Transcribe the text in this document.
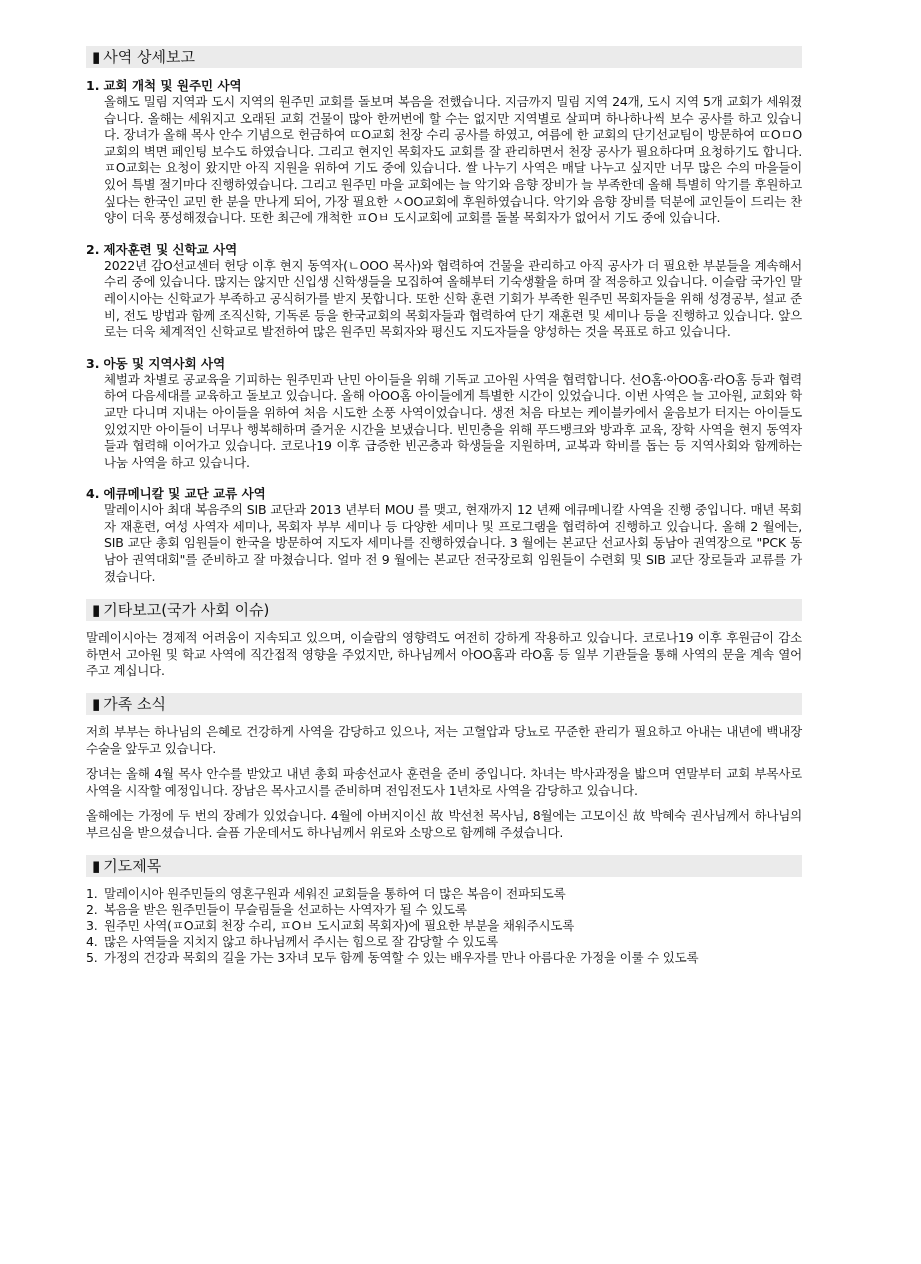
▮ 사역 상세보고

1. 교회 개척 및 원주민 사역

올해도 밀림 지역과 도시 지역의 원주민 교회를 돌보며 복음을 전했습니다. 지금까지 밀림 지역 24개, 도시 지역 5개 교회가 세워졌습니다. 올해는 세워지고 오래된 교회 건물이 많아 한꺼번에 할 수는 없지만 지역별로 살피며 하나하나씩 보수 공사를 하고 있습니다. 장녀가 올해 목사 안수 기념으로 헌금하여 ㄸO교회 천장 수리 공사를 하였고, 여름에 한 교회의 단기선교팀이 방문하여 ㄸOㅁO교회의 벽면 페인팅 보수도 하였습니다. 그리고 현지인 목회자도 교회를 잘 관리하면서 천장 공사가 필요하다며 요청하기도 합니다. ㅍO교회는 요청이 왔지만 아직 지원을 위하여 기도 중에 있습니다. 쌀 나누기 사역은 매달 나누고 싶지만 너무 많은 수의 마을들이 있어 특별 절기마다 진행하였습니다. 그리고 원주민 마을 교회에는 늘 악기와 음향 장비가 늘 부족한데 올해 특별히 악기를 후원하고 싶다는 한국인 교민 한 분을 만나게 되어, 가장 필요한 ㅅOO교회에 후원하였습니다. 악기와 음향 장비를 덕분에 교인들이 드리는 찬양이 더욱 풍성해졌습니다. 또한 최근에 개척한 ㅍOㅂ 도시교회에 교회를 돌볼 목회자가 없어서 기도 중에 있습니다.

2. 제자훈련 및 신학교 사역

2022년 감O선교센터 헌당 이후 현지 동역자(ㄴOOO 목사)와 협력하여 건물을 관리하고 아직 공사가 더 필요한 부분들을 계속해서 수리 중에 있습니다. 많지는 않지만 신입생 신학생들을 모집하여 올해부터 기숙생활을 하며 잘 적응하고 있습니다. 이슬람 국가인 말레이시아는 신학교가 부족하고 공식허가를 받지 못합니다. 또한 신학 훈련 기회가 부족한 원주민 목회자들을 위해 성경공부, 설교 준비, 전도 방법과 함께 조직신학, 기독론 등을 한국교회의 목회자들과 협력하여 단기 재훈련 및 세미나 등을 진행하고 있습니다. 앞으로는 더욱 체계적인 신학교로 발전하여 많은 원주민 목회자와 평신도 지도자들을 양성하는 것을 목표로 하고 있습니다.

3. 아동 및 지역사회 사역

체벌과 차별로 공교육을 기피하는 원주민과 난민 아이들을 위해 기독교 고아원 사역을 협력합니다. 선O홈·아OO홈·라O홈 등과 협력하여 다음세대를 교육하고 돌보고 있습니다. 올해 아OO홈 아이들에게 특별한 시간이 있었습니다. 이번 사역은 늘 고아원, 교회와 학교만 다니며 지내는 아이들을 위하여 처음 시도한 소풍 사역이었습니다. 생전 처음 타보는 케이블카에서 울음보가 터지는 아이들도 있었지만 아이들이 너무나 행복해하며 즐거운 시간을 보냈습니다. 빈민층을 위해 푸드뱅크와 방과후 교육, 장학 사역을 현지 동역자들과 협력해 이어가고 있습니다. 코로나19 이후 급증한 빈곤층과 학생들을 지원하며, 교복과 학비를 돕는 등 지역사회와 함께하는 나눔 사역을 하고 있습니다.

4. 에큐메니칼 및 교단 교류 사역

말레이시아 최대 복음주의 SIB 교단과 2013 년부터 MOU 를 맺고, 현재까지 12 년째 에큐메니칼 사역을 진행 중입니다. 매년 목회자 재훈련, 여성 사역자 세미나, 목회자 부부 세미나 등 다양한 세미나 및 프로그램을 협력하여 진행하고 있습니다. 올해 2 월에는, SIB 교단 총회 임원들이 한국을 방문하여 지도자 세미나를 진행하였습니다. 3 월에는 본교단 선교사회 동남아 권역장으로 "PCK 동남아 권역대회"를 준비하고 잘 마쳤습니다. 얼마 전 9 월에는 본교단 전국장로회 임원들이 수련회 및 SIB 교단 장로들과 교류를 가졌습니다.

▮ 기타보고(국가 사회 이슈)

말레이시아는 경제적 어려움이 지속되고 있으며, 이슬람의 영향력도 여전히 강하게 작용하고 있습니다. 코로나19 이후 후원금이 감소하면서 고아원 및 학교 사역에 직간접적 영향을 주었지만, 하나님께서 아OO홈과 라O홈 등 일부 기관들을 통해 사역의 문을 계속 열어주고 계십니다.

▮ 가족 소식

저희 부부는 하나님의 은혜로 건강하게 사역을 감당하고 있으나, 저는 고혈압과 당뇨로 꾸준한 관리가 필요하고 아내는 내년에 백내장 수술을 앞두고 있습니다.

장녀는 올해 4월 목사 안수를 받았고 내년 총회 파송선교사 훈련을 준비 중입니다. 차녀는 박사과정을 밟으며 연말부터 교회 부목사로 사역을 시작할 예정입니다. 장남은 목사고시를 준비하며 전임전도사 1년차로 사역을 감당하고 있습니다.

올해에는 가정에 두 번의 장례가 있었습니다. 4월에 아버지이신 故 박선천 목사님, 8월에는 고모이신 故 박혜숙 권사님께서 하나님의 부르심을 받으셨습니다. 슬픔 가운데서도 하나님께서 위로와 소망으로 함께해 주셨습니다.

▮ 기도제목
1. 말레이시아 원주민들의 영혼구원과 세워진 교회들을 통하여 더 많은 복음이 전파되도록
2. 복음을 받은 원주민들이 무슬림들을 선교하는 사역자가 될 수 있도록
3. 원주민 사역(ㅍO교회 천장 수리, ㅍOㅂ 도시교회 목회자)에 필요한 부분을 채워주시도록
4. 많은 사역들을 지치지 않고 하나님께서 주시는 힘으로 잘 감당할 수 있도록
5. 가정의 건강과 목회의 길을 가는 3자녀 모두 함께 동역할 수 있는 배우자를 만나 아름다운 가정을 이룰 수 있도록
